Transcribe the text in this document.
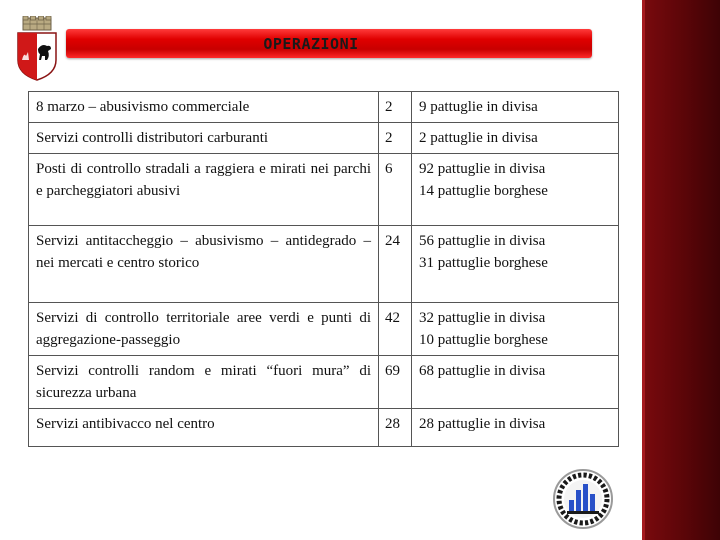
OPERAZIONI
8 marzo – abusivismo commerciale	2	9 pattuglie in divisa

Servizi controlli distributori carburanti	2	2 pattuglie in divisa

Posti di controllo stradali a raggiera e mirati nei parchi e parcheggiatori abusivi	6	92 pattuglie in divisa
14 pattuglie borghese

Servizi antitaccheggio – abusivismo – antidegrado – nei mercati e centro storico	24	56 pattuglie in divisa
31 pattuglie borghese

Servizi di controllo territoriale aree verdi e punti di aggregazione-passeggio	42	32 pattuglie in divisa
10 pattuglie borghese

Servizi controlli random e mirati “fuori mura” di sicurezza urbana	69	68 pattuglie in divisa

Servizi antibivacco nel centro	28	28 pattuglie in divisa
